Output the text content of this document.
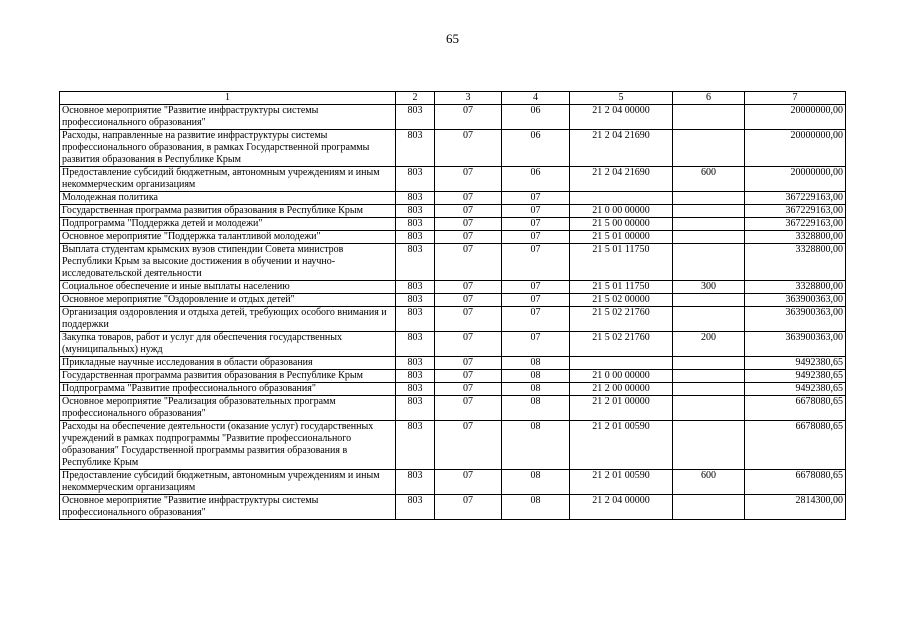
65
1	2	3	4	5	6	7
Основное мероприятие "Развитие инфраструктуры системы профессионального образования"	803	07	06	21 2 04 00000		20000000,00
Расходы, направленные на развитие инфраструктуры системы профессионального образования, в рамках Государственной программы развития образования в Республике Крым	803	07	06	21 2 04 21690		20000000,00
Предоставление субсидий бюджетным, автономным учреждениям и иным некоммерческим организациям	803	07	06	21 2 04 21690	600	20000000,00
Молодежная политика	803	07	07			367229163,00
Государственная программа развития образования в Республике Крым	803	07	07	21 0 00 00000		367229163,00
Подпрограмма "Поддержка детей и молодежи"	803	07	07	21 5 00 00000		367229163,00
Основное мероприятие "Поддержка талантливой молодежи"	803	07	07	21 5 01 00000		3328800,00
Выплата студентам крымских вузов стипендии Совета министров Республики Крым за высокие достижения в обучении и научно-исследовательской деятельности	803	07	07	21 5 01 11750		3328800,00
Социальное обеспечение и иные выплаты населению	803	07	07	21 5 01 11750	300	3328800,00
Основное мероприятие "Оздоровление и отдых детей"	803	07	07	21 5 02 00000		363900363,00
Организация оздоровления и отдыха детей, требующих особого внимания и поддержки	803	07	07	21 5 02 21760		363900363,00
Закупка товаров, работ и услуг для обеспечения государственных (муниципальных) нужд	803	07	07	21 5 02 21760	200	363900363,00
Прикладные научные исследования в области образования	803	07	08			9492380,65
Государственная программа развития образования в Республике Крым	803	07	08	21 0 00 00000		9492380,65
Подпрограмма "Развитие профессионального образования"	803	07	08	21 2 00 00000		9492380,65
Основное мероприятие "Реализация образовательных программ профессионального образования"	803	07	08	21 2 01 00000		6678080,65
Расходы на обеспечение деятельности (оказание услуг) государственных учреждений в рамках подпрограммы "Развитие профессионального образования" Государственной программы развития образования в Республике Крым	803	07	08	21 2 01 00590		6678080,65
Предоставление субсидий бюджетным, автономным учреждениям и иным некоммерческим организациям	803	07	08	21 2 01 00590	600	6678080,65
Основное мероприятие "Развитие инфраструктуры системы профессионального образования"	803	07	08	21 2 04 00000		2814300,00
